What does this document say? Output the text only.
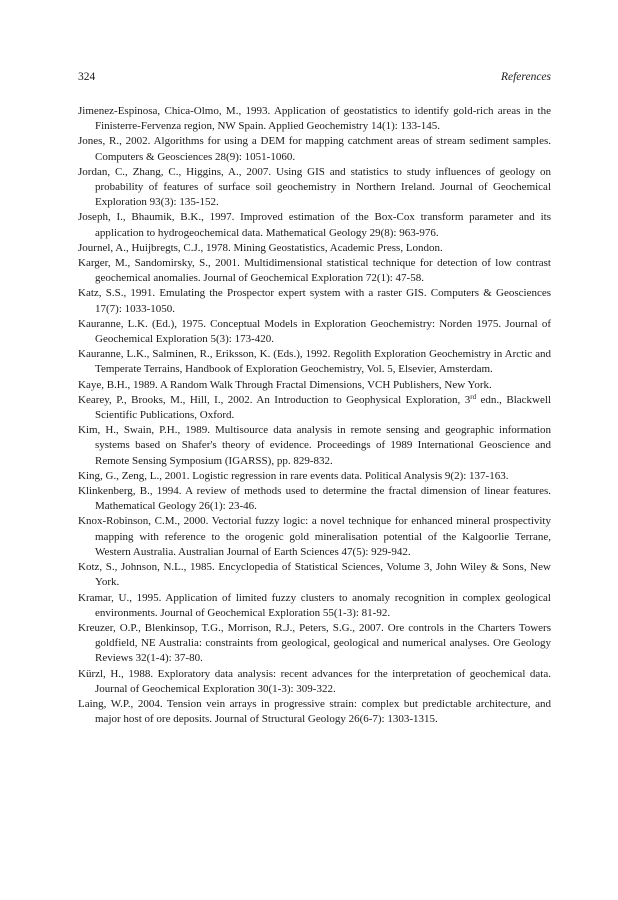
324	References
Jimenez-Espinosa, Chica-Olmo, M., 1993. Application of geostatistics to identify gold-rich areas in the Finisterre-Fervenza region, NW Spain. Applied Geochemistry 14(1): 133-145.
Jones, R., 2002. Algorithms for using a DEM for mapping catchment areas of stream sediment samples. Computers & Geosciences 28(9): 1051-1060.
Jordan, C., Zhang, C., Higgins, A., 2007. Using GIS and statistics to study influences of geology on probability of features of surface soil geochemistry in Northern Ireland. Journal of Geochemical Exploration 93(3): 135-152.
Joseph, I., Bhaumik, B.K., 1997. Improved estimation of the Box-Cox transform parameter and its application to hydrogeochemical data. Mathematical Geology 29(8): 963-976.
Journel, A., Huijbregts, C.J., 1978. Mining Geostatistics, Academic Press, London.
Karger, M., Sandomirsky, S., 2001. Multidimensional statistical technique for detection of low contrast geochemical anomalies. Journal of Geochemical Exploration 72(1): 47-58.
Katz, S.S., 1991. Emulating the Prospector expert system with a raster GIS. Computers & Geosciences 17(7): 1033-1050.
Kauranne, L.K. (Ed.), 1975. Conceptual Models in Exploration Geochemistry: Norden 1975. Journal of Geochemical Exploration 5(3): 173-420.
Kauranne, L.K., Salminen, R., Eriksson, K. (Eds.), 1992. Regolith Exploration Geochemistry in Arctic and Temperate Terrains, Handbook of Exploration Geochemistry, Vol. 5, Elsevier, Amsterdam.
Kaye, B.H., 1989. A Random Walk Through Fractal Dimensions, VCH Publishers, New York.
Kearey, P., Brooks, M., Hill, I., 2002. An Introduction to Geophysical Exploration, 3rd edn., Blackwell Scientific Publications, Oxford.
Kim, H., Swain, P.H., 1989. Multisource data analysis in remote sensing and geographic information systems based on Shafer's theory of evidence. Proceedings of 1989 International Geoscience and Remote Sensing Symposium (IGARSS), pp. 829-832.
King, G., Zeng, L., 2001. Logistic regression in rare events data. Political Analysis 9(2): 137-163.
Klinkenberg, B., 1994. A review of methods used to determine the fractal dimension of linear features. Mathematical Geology 26(1): 23-46.
Knox-Robinson, C.M., 2000. Vectorial fuzzy logic: a novel technique for enhanced mineral prospectivity mapping with reference to the orogenic gold mineralisation potential of the Kalgoorlie Terrane, Western Australia. Australian Journal of Earth Sciences 47(5): 929-942.
Kotz, S., Johnson, N.L., 1985. Encyclopedia of Statistical Sciences, Volume 3, John Wiley & Sons, New York.
Kramar, U., 1995. Application of limited fuzzy clusters to anomaly recognition in complex geological environments. Journal of Geochemical Exploration 55(1-3): 81-92.
Kreuzer, O.P., Blenkinsop, T.G., Morrison, R.J., Peters, S.G., 2007. Ore controls in the Charters Towers goldfield, NE Australia: constraints from geological, geological and numerical analyses. Ore Geology Reviews 32(1-4): 37-80.
Kürzl, H., 1988. Exploratory data analysis: recent advances for the interpretation of geochemical data. Journal of Geochemical Exploration 30(1-3): 309-322.
Laing, W.P., 2004. Tension vein arrays in progressive strain: complex but predictable architecture, and major host of ore deposits. Journal of Structural Geology 26(6-7): 1303-1315.
